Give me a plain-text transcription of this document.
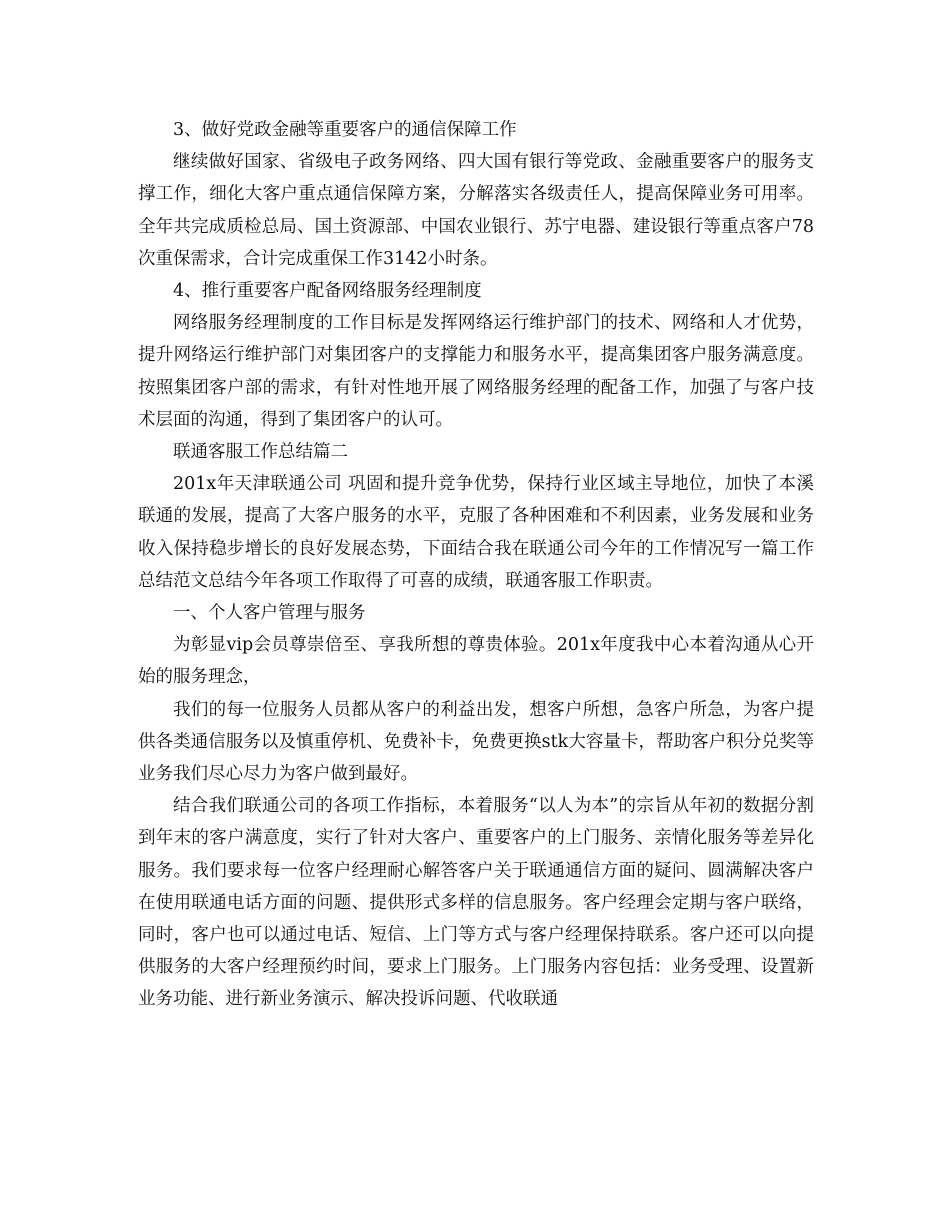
3、做好党政金融等重要客户的通信保障工作

继续做好国家、省级电子政务网络、四大国有银行等党政、金融重要客户的服务支撑工作，细化大客户重点通信保障方案，分解落实各级责任人，提高保障业务可用率。全年共完成质检总局、国土资源部、中国农业银行、苏宁电器、建设银行等重点客户78次重保需求，合计完成重保工作3142小时条。

4、推行重要客户配备网络服务经理制度

网络服务经理制度的工作目标是发挥网络运行维护部门的技术、网络和人才优势，提升网络运行维护部门对集团客户的支撑能力和服务水平，提高集团客户服务满意度。按照集团客户部的需求，有针对性地开展了网络服务经理的配备工作，加强了与客户技术层面的沟通，得到了集团客户的认可。

联通客服工作总结篇二

201x年天津联通公司 巩固和提升竞争优势，保持行业区域主导地位，加快了本溪联通的发展，提高了大客户服务的水平，克服了各种困难和不利因素，业务发展和业务收入保持稳步增长的良好发展态势，下面结合我在联通公司今年的工作情况写一篇工作总结范文总结今年各项工作取得了可喜的成绩，联通客服工作职责。

一、个人客户管理与服务

为彰显vip会员尊崇倍至、享我所想的尊贵体验。201x年度我中心本着沟通从心开始的服务理念，

我们的每一位服务人员都从客户的利益出发，想客户所想，急客户所急，为客户提供各类通信服务以及慎重停机、免费补卡，免费更换stk大容量卡，帮助客户积分兑奖等业务我们尽心尽力为客户做到最好。

结合我们联通公司的各项工作指标，本着服务“以人为本”的宗旨从年初的数据分割到年末的客户满意度，实行了针对大客户、重要客户的上门服务、亲情化服务等差异化服务。我们要求每一位客户经理耐心解答客户关于联通通信方面的疑问、圆满解决客户在使用联通电话方面的问题、提供形式多样的信息服务。客户经理会定期与客户联络，同时，客户也可以通过电话、短信、上门等方式与客户经理保持联系。客户还可以向提供服务的大客户经理预约时间，要求上门服务。上门服务内容包括：业务受理、设置新业务功能、进行新业务演示、解决投诉问题、代收联通
